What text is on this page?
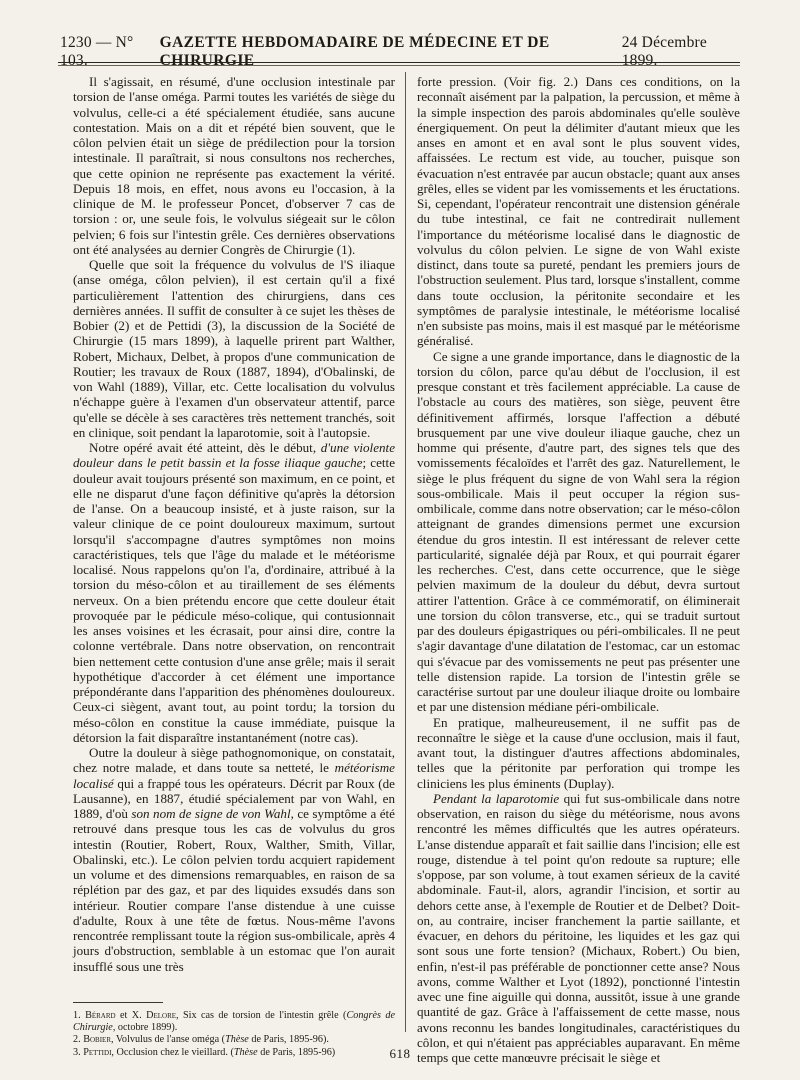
1230 — N° 103.
GAZETTE HEBDOMADAIRE DE MÉDECINE ET DE CHIRURGIE
24 Décembre 1899.

Il s'agissait, en résumé, d'une occlusion intestinale par torsion de l'anse oméga. Parmi toutes les variétés de siège du volvulus, celle-ci a été spécialement étudiée, sans aucune contestation. Mais on a dit et répété bien souvent, que le côlon pelvien était un siège de prédilection pour la torsion intestinale. Il paraîtrait, si nous consultons nos recherches, que cette opinion ne représente pas exactement la vérité. Depuis 18 mois, en effet, nous avons eu l'occasion, à la clinique de M. le professeur Poncet, d'observer 7 cas de torsion : or, une seule fois, le volvulus siégeait sur le côlon pelvien; 6 fois sur l'intestin grêle. Ces dernières observations ont été analysées au dernier Congrès de Chirurgie (1).

Quelle que soit la fréquence du volvulus de l'S iliaque (anse oméga, côlon pelvien), il est certain qu'il a fixé particulièrement l'attention des chirurgiens, dans ces dernières années. Il suffit de consulter à ce sujet les thèses de Bobier (2) et de Pettidi (3), la discussion de la Société de Chirurgie (15 mars 1899), à laquelle prirent part Walther, Robert, Michaux, Delbet, à propos d'une communication de Routier; les travaux de Roux (1887, 1894), d'Obalinski, de von Wahl (1889), Villar, etc. Cette localisation du volvulus n'échappe guère à l'examen d'un observateur attentif, parce qu'elle se décèle à ses caractères très nettement tranchés, soit en clinique, soit pendant la laparotomie, soit à l'autopsie.

Notre opéré avait été atteint, dès le début, d'une violente douleur dans le petit bassin et la fosse iliaque gauche; cette douleur avait toujours présenté son maximum, en ce point, et elle ne disparut d'une façon définitive qu'après la détorsion de l'anse. On a beaucoup insisté, et à juste raison, sur la valeur clinique de ce point douloureux maximum, surtout lorsqu'il s'accompagne d'autres symptômes non moins caractéristiques, tels que l'âge du malade et le météorisme localisé. Nous rappelons qu'on l'a, d'ordinaire, attribué à la torsion du méso-côlon et au tiraillement de ses éléments nerveux. On a bien prétendu encore que cette douleur était provoquée par le pédicule méso-colique, qui contusionnait les anses voisines et les écrasait, pour ainsi dire, contre la colonne vertébrale. Dans notre observation, on rencontrait bien nettement cette contusion d'une anse grêle; mais il serait hypothétique d'accorder à cet élément une importance prépondérante dans l'apparition des phénomènes douloureux. Ceux-ci siègent, avant tout, au point tordu; la torsion du méso-côlon en constitue la cause immédiate, puisque la détorsion la fait disparaître instantanément (notre cas).

Outre la douleur à siège pathognomonique, on constatait, chez notre malade, et dans toute sa netteté, le météorisme localisé qui a frappé tous les opérateurs. Décrit par Roux (de Lausanne), en 1887, étudié spécialement par von Wahl, en 1889, d'où son nom de signe de von Wahl, ce symptôme a été retrouvé dans presque tous les cas de volvulus du gros intestin (Routier, Robert, Roux, Walther, Smith, Villar, Obalinski, etc.). Le côlon pelvien tordu acquiert rapidement un volume et des dimensions remarquables, en raison de sa réplétion par des gaz, et par des liquides exsudés dans son intérieur. Routier compare l'anse distendue à une cuisse d'adulte, Roux à une tête de fœtus. Nous-même l'avons rencontrée remplissant toute la région sus-ombilicale, après 4 jours d'obstruction, semblable à un estomac que l'on aurait insufflé sous une très

forte pression. (Voir fig. 2.) Dans ces conditions, on la reconnaît aisément par la palpation, la percussion, et même à la simple inspection des parois abdominales qu'elle soulève énergiquement. On peut la délimiter d'autant mieux que les anses en amont et en aval sont le plus souvent vides, affaissées. Le rectum est vide, au toucher, puisque son évacuation n'est entravée par aucun obstacle; quant aux anses grêles, elles se vident par les vomissements et les éructations. Si, cependant, l'opérateur rencontrait une distension générale du tube intestinal, ce fait ne contredirait nullement l'importance du météorisme localisé dans le diagnostic de volvulus du côlon pelvien. Le signe de von Wahl existe distinct, dans toute sa pureté, pendant les premiers jours de l'obstruction seulement. Plus tard, lorsque s'installent, comme dans toute occlusion, la péritonite secondaire et les symptômes de paralysie intestinale, le météorisme localisé n'en subsiste pas moins, mais il est masqué par le météorisme généralisé.

Ce signe a une grande importance, dans le diagnostic de la torsion du côlon, parce qu'au début de l'occlusion, il est presque constant et très facilement appréciable. La cause de l'obstacle au cours des matières, son siège, peuvent être définitivement affirmés, lorsque l'affection a débuté brusquement par une vive douleur iliaque gauche, chez un homme qui présente, d'autre part, des signes tels que des vomissements fécaloïdes et l'arrêt des gaz. Naturellement, le siège le plus fréquent du signe de von Wahl sera la région sous-ombilicale. Mais il peut occuper la région sus-ombilicale, comme dans notre observation; car le méso-côlon atteignant de grandes dimensions permet une excursion étendue du gros intestin. Il est intéressant de relever cette particularité, signalée déjà par Roux, et qui pourrait égarer les recherches. C'est, dans cette occurrence, que le siège pelvien maximum de la douleur du début, devra surtout attirer l'attention. Grâce à ce commémoratif, on éliminerait une torsion du côlon transverse, etc., qui se traduit surtout par des douleurs épigastriques ou péri-ombilicales. Il ne peut s'agir davantage d'une dilatation de l'estomac, car un estomac qui s'évacue par des vomissements ne peut pas présenter une telle distension rapide. La torsion de l'intestin grêle se caractérise surtout par une douleur iliaque droite ou lombaire et par une distension médiane péri-ombilicale.

En pratique, malheureusement, il ne suffit pas de reconnaître le siège et la cause d'une occlusion, mais il faut, avant tout, la distinguer d'autres affections abdominales, telles que la péritonite par perforation qui trompe les cliniciens les plus éminents (Duplay).

Pendant la laparotomie qui fut sus-ombilicale dans notre observation, en raison du siège du météorisme, nous avons rencontré les mêmes difficultés que les autres opérateurs. L'anse distendue apparaît et fait saillie dans l'incision; elle est rouge, distendue à tel point qu'on redoute sa rupture; elle s'oppose, par son volume, à tout examen sérieux de la cavité abdominale. Faut-il, alors, agrandir l'incision, et sortir au dehors cette anse, à l'exemple de Routier et de Delbet? Doit-on, au contraire, inciser franchement la partie saillante, et évacuer, en dehors du péritoine, les liquides et les gaz qui sont sous une forte tension? (Michaux, Robert.) Ou bien, enfin, n'est-il pas préférable de ponctionner cette anse? Nous avons, comme Walther et Lyot (1892), ponctionné l'intestin avec une fine aiguille qui donna, aussitôt, issue à une grande quantité de gaz. Grâce à l'affaissement de cette masse, nous avons reconnu les bandes longitudinales, caractéristiques du côlon, et qui n'étaient pas appréciables auparavant. En même temps que cette manœuvre précisait le siège et

1. Bérard et X. Delore, Six cas de torsion de l'intestin grêle (Congrès de Chirurgie, octobre 1899).
2. Bobier, Volvulus de l'anse oméga (Thèse de Paris, 1895-96).
3. Pettidi, Occlusion chez le vieillard. (Thèse de Paris, 1895-96)	618
